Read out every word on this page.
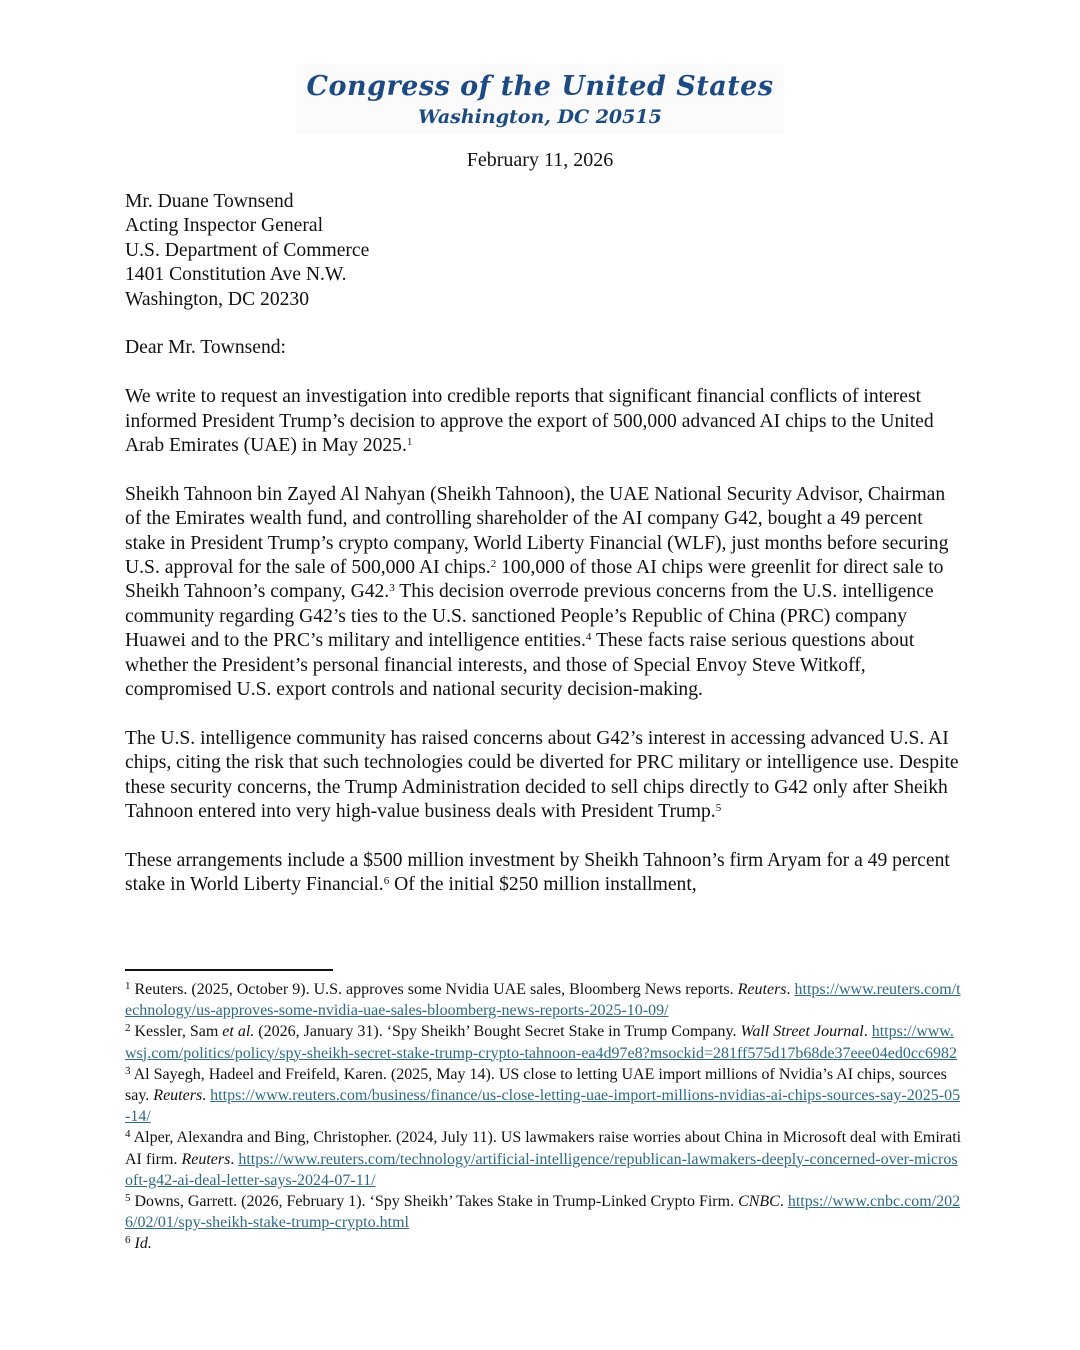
Congress of the United States
Washington, DC 20515
February 11, 2026
Mr. Duane Townsend
Acting Inspector General
U.S. Department of Commerce
1401 Constitution Ave N.W.
Washington, DC 20230
Dear Mr. Townsend:

We write to request an investigation into credible reports that significant financial conflicts of interest informed President Trump’s decision to approve the export of 500,000 advanced AI chips to the United Arab Emirates (UAE) in May 2025.$^1$

Sheikh Tahnoon bin Zayed Al Nahyan (Sheikh Tahnoon), the UAE National Security Advisor, Chairman of the Emirates wealth fund, and controlling shareholder of the AI company G42, bought a 49 percent stake in President Trump’s crypto company, World Liberty Financial (WLF), just months before securing U.S. approval for the sale of 500,000 AI chips.$^2$ 100,000 of those AI chips were greenlit for direct sale to Sheikh Tahnoon’s company, G42.$^3$ This decision overrode previous concerns from the U.S. intelligence community regarding G42’s ties to the U.S. sanctioned People’s Republic of China (PRC) company Huawei and to the PRC’s military and intelligence entities.$^4$ These facts raise serious questions about whether the President’s personal financial interests, and those of Special Envoy Steve Witkoff, compromised U.S. export controls and national security decision-making.

The U.S. intelligence community has raised concerns about G42’s interest in accessing advanced U.S. AI chips, citing the risk that such technologies could be diverted for PRC military or intelligence use. Despite these security concerns, the Trump Administration decided to sell chips directly to G42 only after Sheikh Tahnoon entered into very high-value business deals with President Trump.$^5$

These arrangements include a $500 million investment by Sheikh Tahnoon’s firm Aryam for a 49 percent stake in World Liberty Financial.$^6$ Of the initial $250 million installment,

$^1$ Reuters. (2025, October 9). U.S. approves some Nvidia UAE sales, Bloomberg News reports. Reuters. https://www.reuters.com/technology/us-approves-some-nvidia-uae-sales-bloomberg-news-reports-2025-10-09/
$^2$ Kessler, Sam et al. (2026, January 31). ‘Spy Sheikh’ Bought Secret Stake in Trump Company. Wall Street Journal. https://www.wsj.com/politics/policy/spy-sheikh-secret-stake-trump-crypto-tahnoon-ea4d97e8?msockid=281ff575d17b68de37eee04ed0cc6982
$^3$ Al Sayegh, Hadeel and Freifeld, Karen. (2025, May 14). US close to letting UAE import millions of Nvidia’s AI chips, sources say. Reuters. https://www.reuters.com/business/finance/us-close-letting-uae-import-millions-nvidias-ai-chips-sources-say-2025-05-14/
$^4$ Alper, Alexandra and Bing, Christopher. (2024, July 11). US lawmakers raise worries about China in Microsoft deal with Emirati AI firm. Reuters. https://www.reuters.com/technology/artificial-intelligence/republican-lawmakers-deeply-concerned-over-microsoft-g42-ai-deal-letter-says-2024-07-11/
$^5$ Downs, Garrett. (2026, February 1). ‘Spy Sheikh’ Takes Stake in Trump-Linked Crypto Firm. CNBC. https://www.cnbc.com/2026/02/01/spy-sheikh-stake-trump-crypto.html
$^6$ Id.
